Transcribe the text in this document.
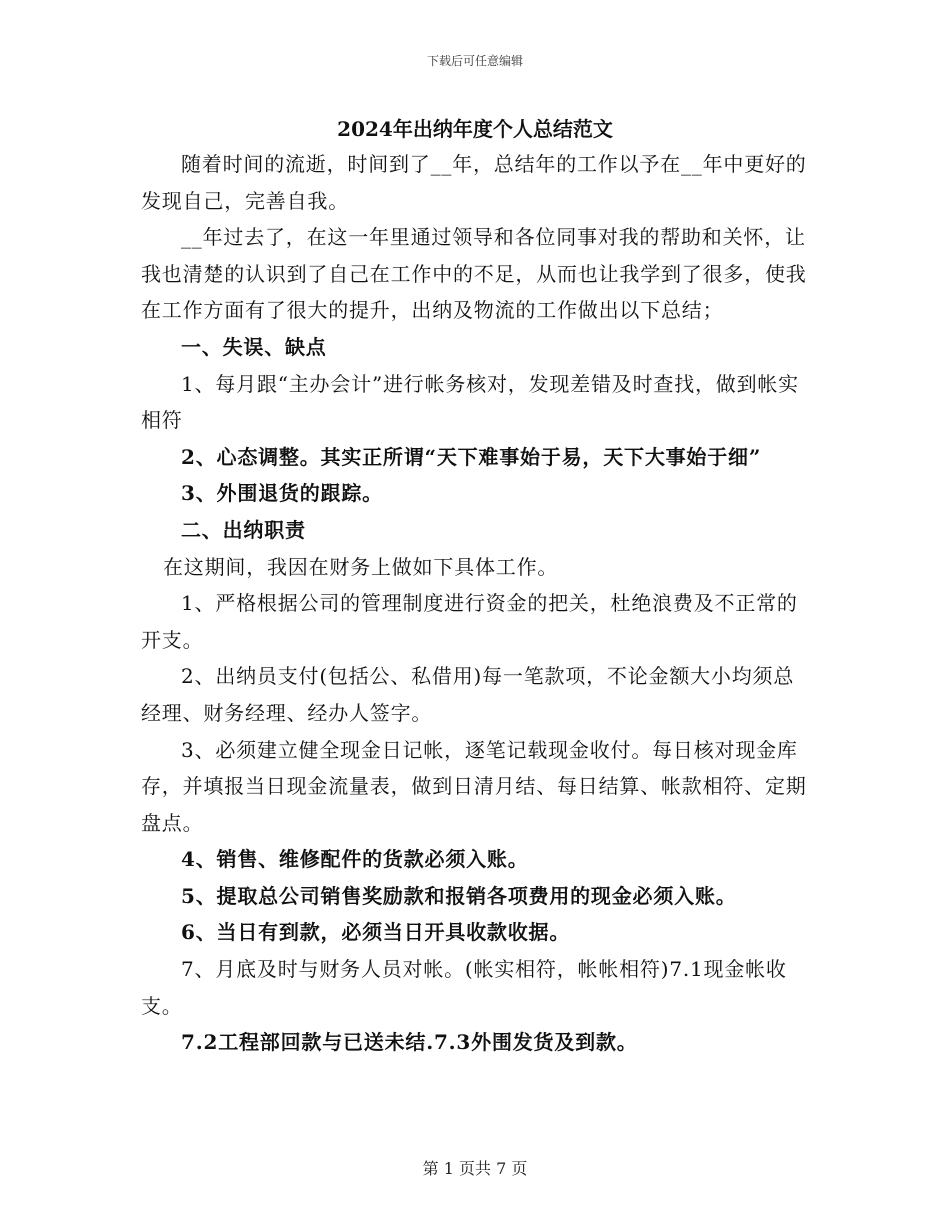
下载后可任意编辑
2024年出纳年度个人总结范文

随着时间的流逝，时间到了__年，总结年的工作以予在__年中更好的发现自己，完善自我。

__年过去了，在这一年里通过领导和各位同事对我的帮助和关怀，让我也清楚的认识到了自己在工作中的不足，从而也让我学到了很多，使我在工作方面有了很大的提升，出纳及物流的工作做出以下总结；

一、失误、缺点

1、每月跟“主办会计”进行帐务核对，发现差错及时查找，做到帐实相符

2、心态调整。其实正所谓“天下难事始于易，天下大事始于细”

3、外围退货的跟踪。

二、出纳职责

在这期间，我因在财务上做如下具体工作。

1、严格根据公司的管理制度进行资金的把关，杜绝浪费及不正常的开支。

2、出纳员支付(包括公、私借用)每一笔款项，不论金额大小均须总经理、财务经理、经办人签字。

3、必须建立健全现金日记帐，逐笔记载现金收付。每日核对现金库存，并填报当日现金流量表，做到日清月结、每日结算、帐款相符、定期盘点。

4、销售、维修配件的货款必须入账。

5、提取总公司销售奖励款和报销各项费用的现金必须入账。

6、当日有到款，必须当日开具收款收据。

7、月底及时与财务人员对帐。(帐实相符，帐帐相符)7.1现金帐收支。

7.2工程部回款与已送未结.7.3外围发货及到款。

第 1 页共 7 页
